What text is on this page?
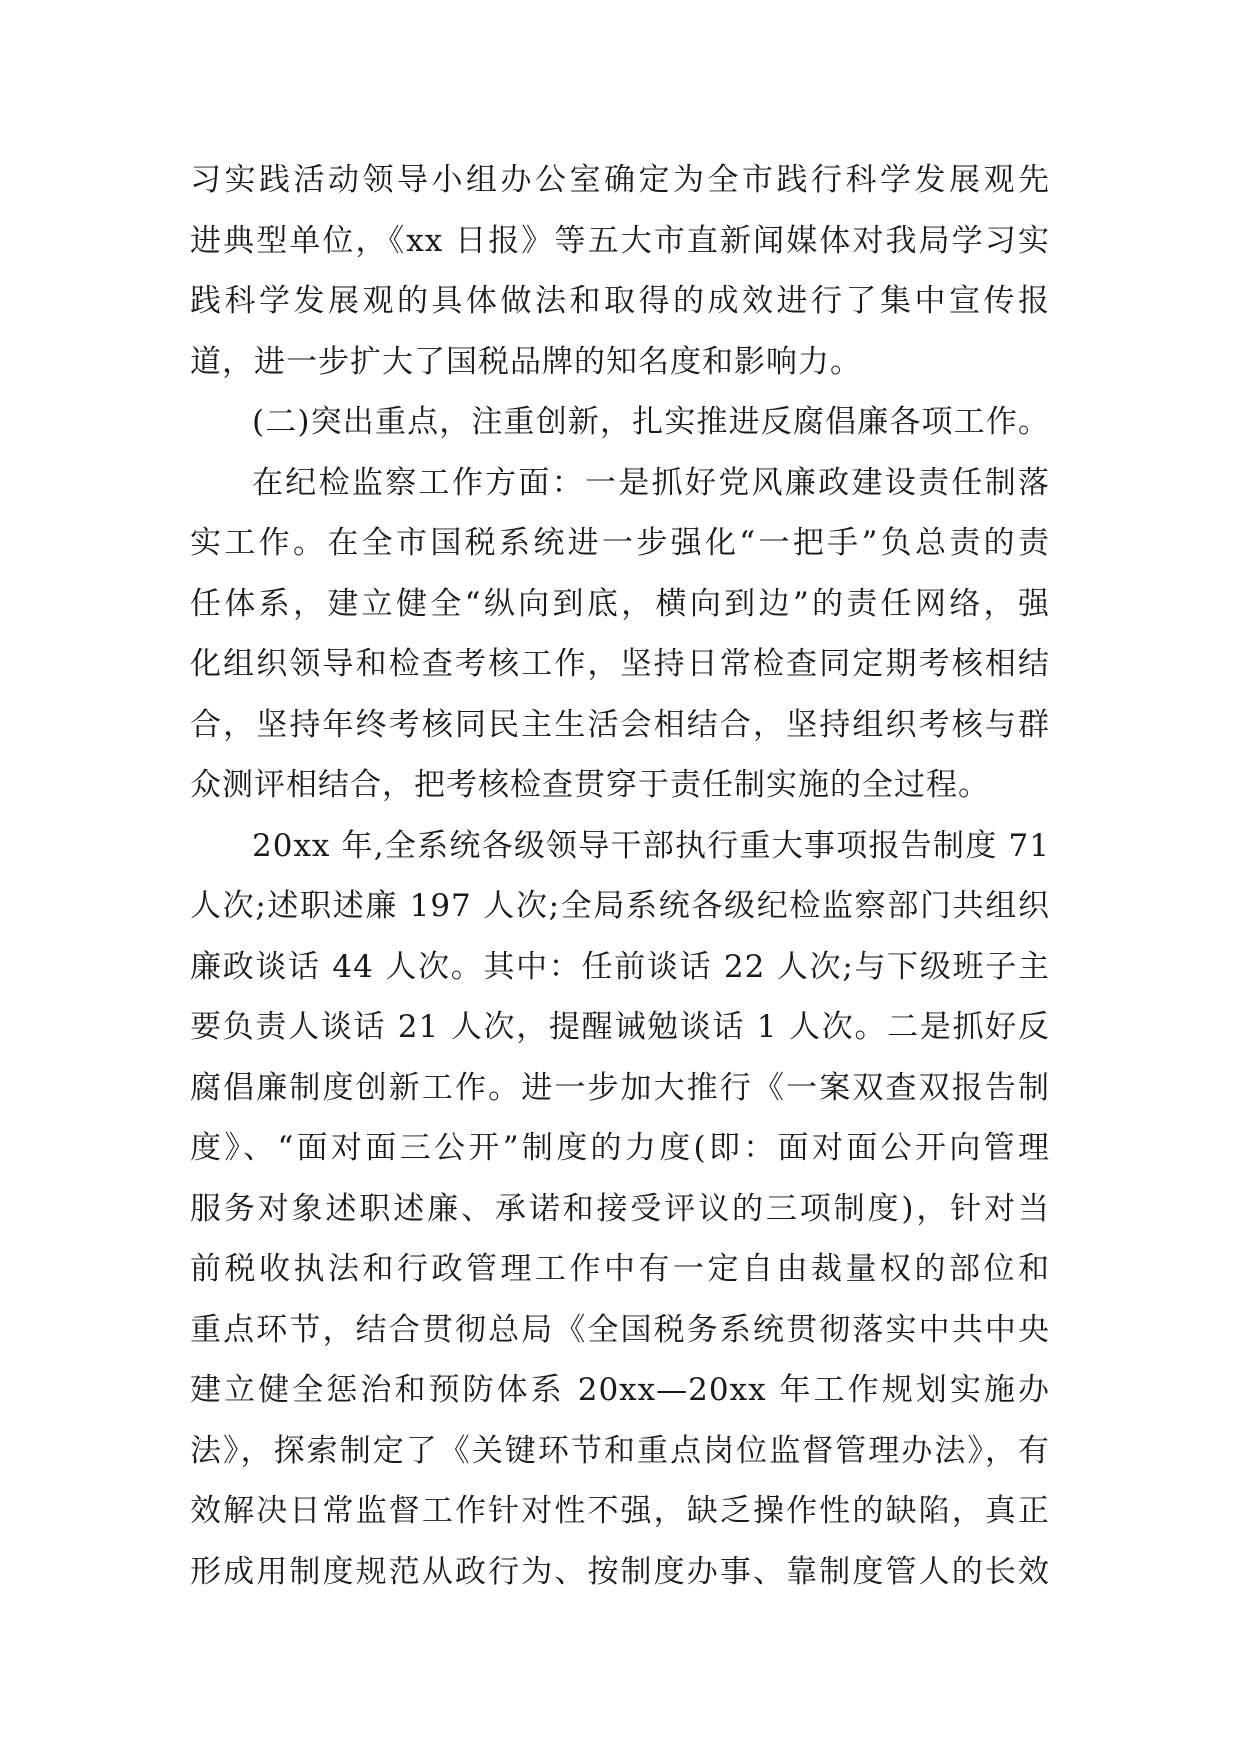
习实践活动领导小组办公室确定为全市践行科学发展观先
进典型单位，《xx 日报》等五大市直新闻媒体对我局学习实
践科学发展观的具体做法和取得的成效进行了集中宣传报
道，进一步扩大了国税品牌的知名度和影响力。
(二)突出重点，注重创新，扎实推进反腐倡廉各项工作。
在纪检监察工作方面：一是抓好党风廉政建设责任制落
实工作。在全市国税系统进一步强化“一把手”负总责的责
任体系，建立健全“纵向到底，横向到边”的责任网络，强
化组织领导和检查考核工作，坚持日常检查同定期考核相结
合，坚持年终考核同民主生活会相结合，坚持组织考核与群
众测评相结合，把考核检查贯穿于责任制实施的全过程。
20xx 年,全系统各级领导干部执行重大事项报告制度 71
人次;述职述廉 197 人次;全局系统各级纪检监察部门共组织
廉政谈话 44 人次。其中：任前谈话 22 人次;与下级班子主
要负责人谈话 21 人次，提醒诫勉谈话 1 人次。二是抓好反
腐倡廉制度创新工作。进一步加大推行《一案双查双报告制
度》、“面对面三公开”制度的力度(即：面对面公开向管理
服务对象述职述廉、承诺和接受评议的三项制度)，针对当
前税收执法和行政管理工作中有一定自由裁量权的部位和
重点环节，结合贯彻总局《全国税务系统贯彻落实中共中央
建立健全惩治和预防体系 20xx—20xx 年工作规划实施办
法》，探索制定了《关键环节和重点岗位监督管理办法》，有
效解决日常监督工作针对性不强，缺乏操作性的缺陷，真正
形成用制度规范从政行为、按制度办事、靠制度管人的长效
